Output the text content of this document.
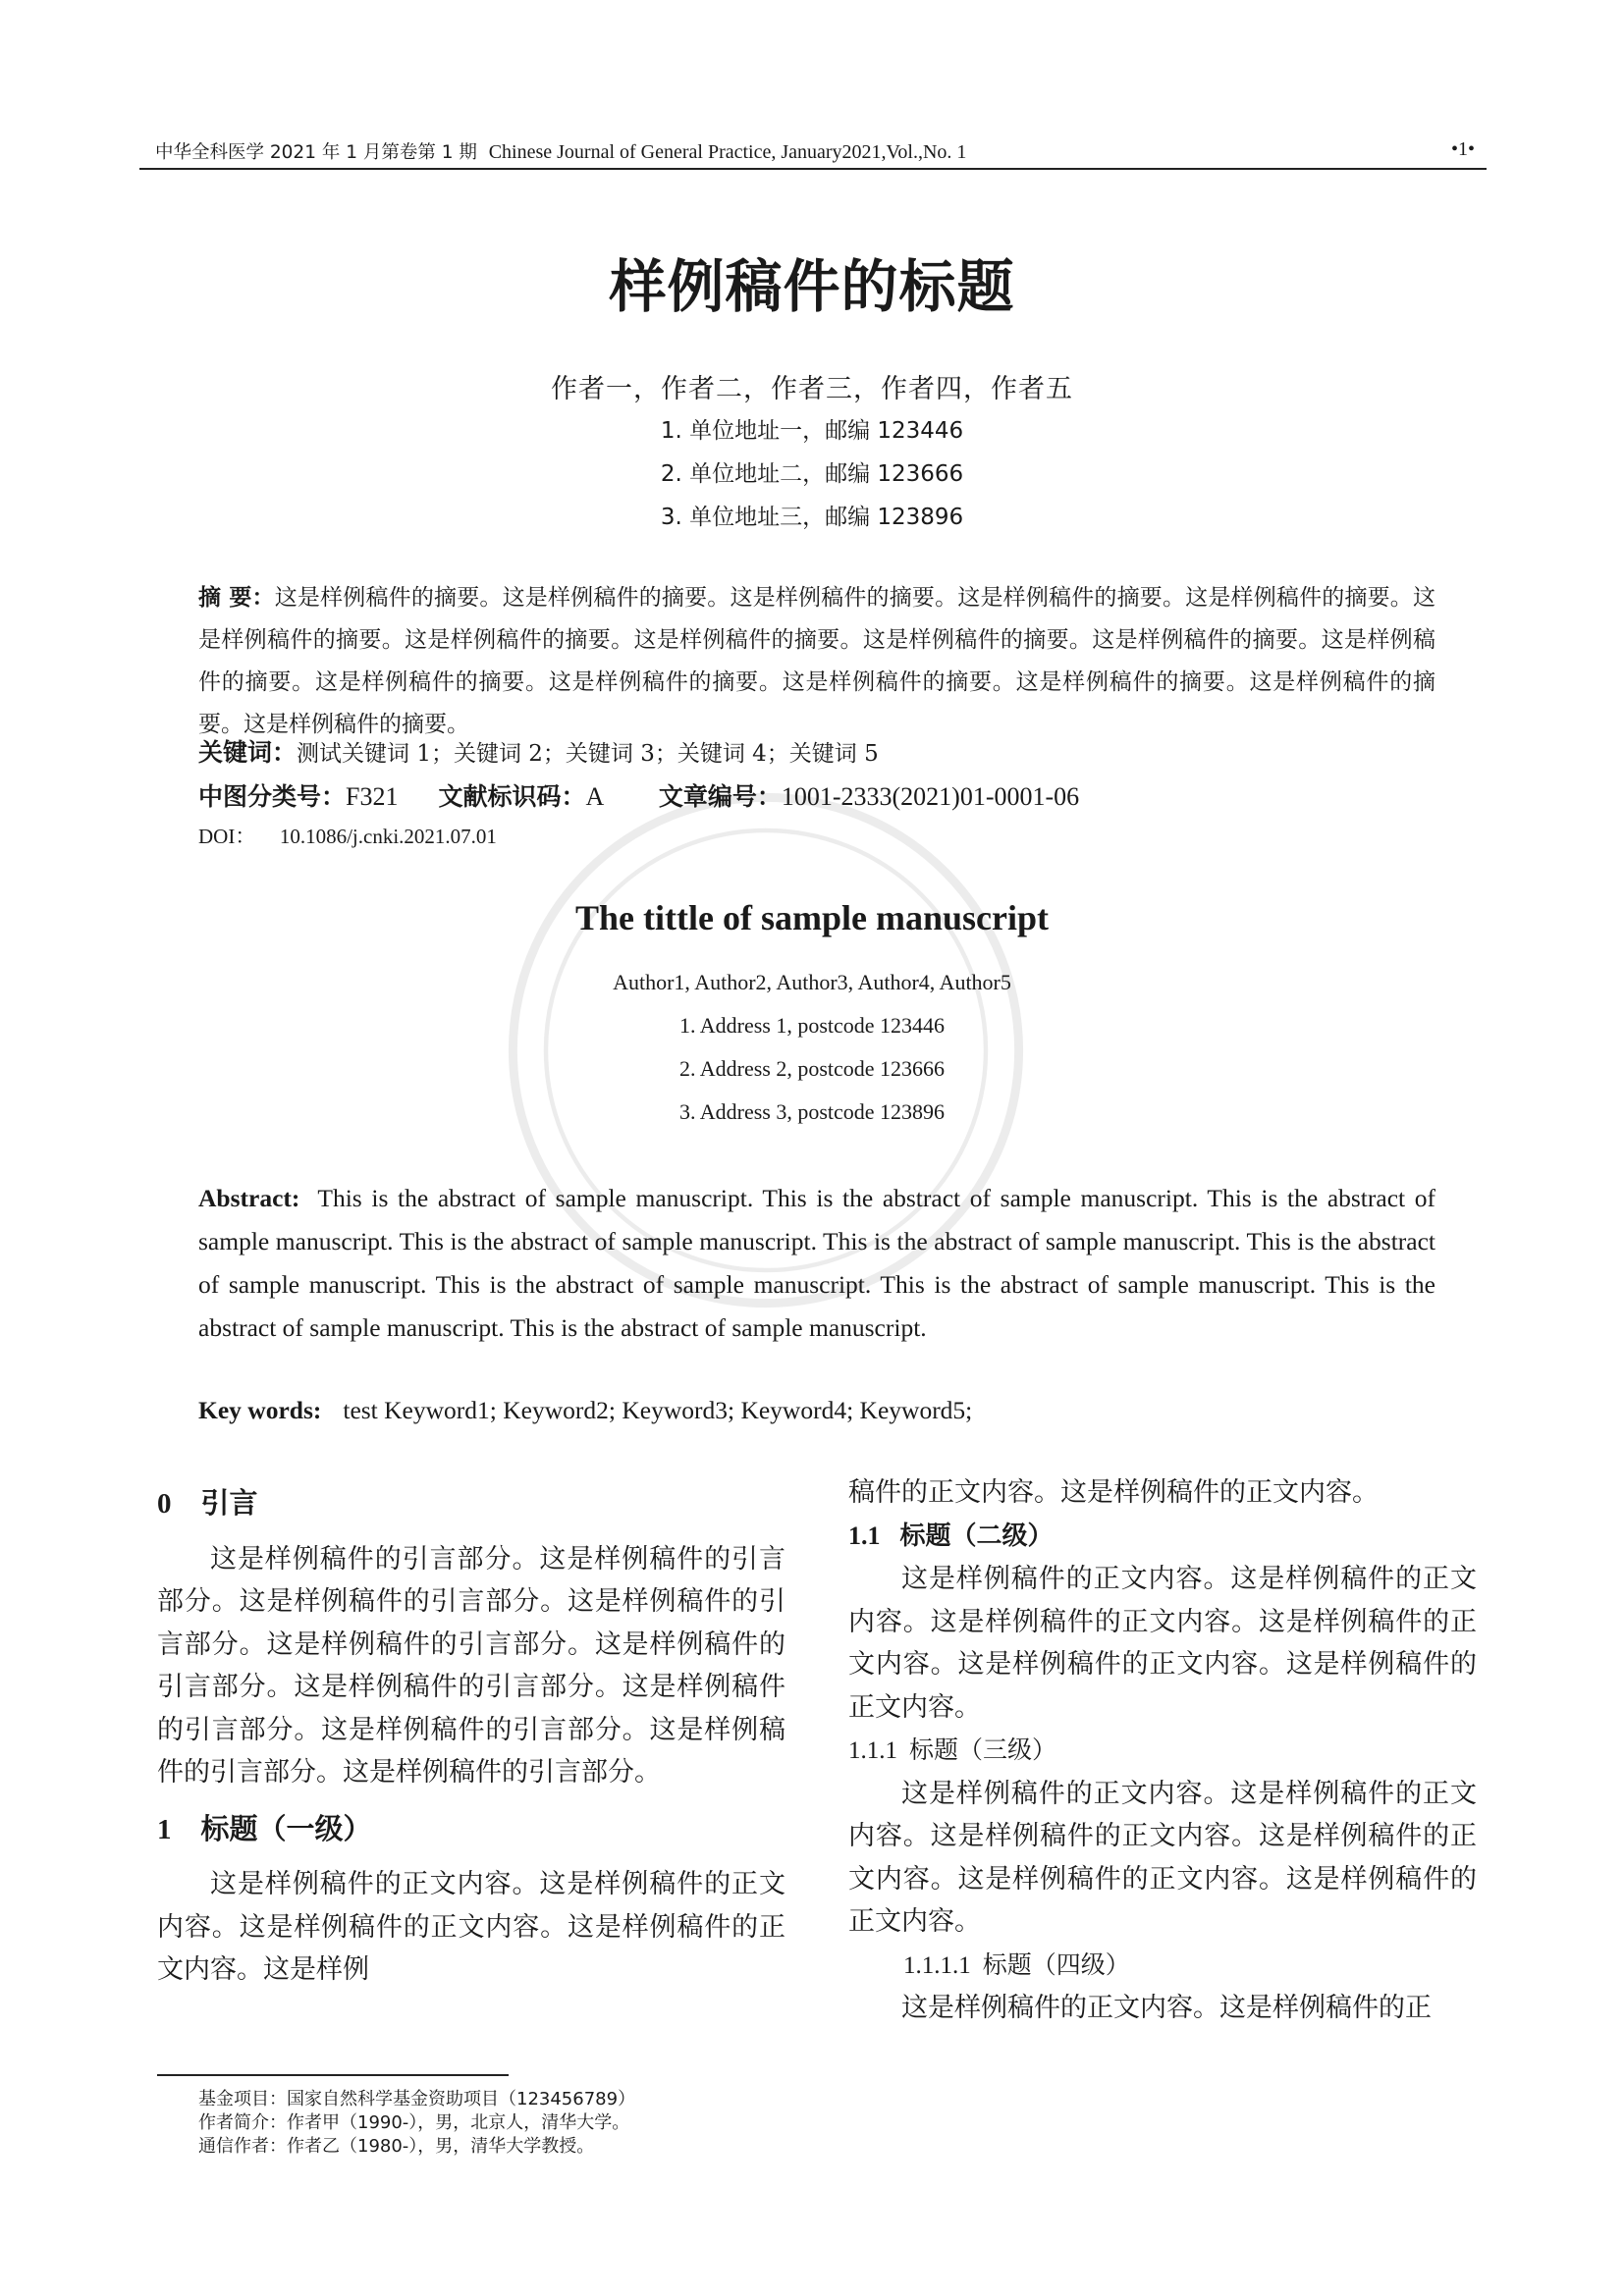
中华全科医学 2021 年 1 月第卷第 1 期 Chinese Journal of General Practice, January2021,Vol.,No. 1	•1•
样例稿件的标题
作者一，作者二，作者三，作者四，作者五
1. 单位地址一，邮编 123446
2. 单位地址二，邮编 123666
3. 单位地址三，邮编 123896
摘 要：这是样例稿件的摘要。这是样例稿件的摘要。这是样例稿件的摘要。这是样例稿件的摘要。这是样例稿件的摘要。这是样例稿件的摘要。这是样例稿件的摘要。这是样例稿件的摘要。这是样例稿件的摘要。这是样例稿件的摘要。这是样例稿件的摘要。这是样例稿件的摘要。这是样例稿件的摘要。这是样例稿件的摘要。这是样例稿件的摘要。这是样例稿件的摘要。这是样例稿件的摘要。
关键词：测试关键词 1；关键词 2；关键词 3；关键词 4；关键词 5
中图分类号：F321 文献标识码：A 文章编号：1001-2333(2021)01-0001-06
DOI： 10.1086/j.cnki.2021.07.01
The tittle of sample manuscript
Author1, Author2, Author3, Author4, Author5
1. Address 1, postcode 123446
2. Address 2, postcode 123666
3. Address 3, postcode 123896
Abstract: This is the abstract of sample manuscript. This is the abstract of sample manuscript. This is the abstract of sample manuscript. This is the abstract of sample manuscript. This is the abstract of sample manuscript. This is the abstract of sample manuscript. This is the abstract of sample manuscript. This is the abstract of sample manuscript. This is the abstract of sample manuscript. This is the abstract of sample manuscript.
Key words: test Keyword1; Keyword2; Keyword3; Keyword4; Keyword5;
0 引言

这是样例稿件的引言部分。这是样例稿件的引言部分。这是样例稿件的引言部分。这是样例稿件的引言部分。这是样例稿件的引言部分。这是样例稿件的引言部分。这是样例稿件的引言部分。这是样例稿件的引言部分。这是样例稿件的引言部分。这是样例稿件的引言部分。这是样例稿件的引言部分。

1 标题（一级）

这是样例稿件的正文内容。这是样例稿件的正文内容。这是样例稿件的正文内容。这是样例稿件的正文内容。这是样例

稿件的正文内容。这是样例稿件的正文内容。

1.1 标题（二级）

这是样例稿件的正文内容。这是样例稿件的正文内容。这是样例稿件的正文内容。这是样例稿件的正文内容。这是样例稿件的正文内容。这是样例稿件的正文内容。

1.1.1 标题（三级）

这是样例稿件的正文内容。这是样例稿件的正文内容。这是样例稿件的正文内容。这是样例稿件的正文内容。这是样例稿件的正文内容。这是样例稿件的正文内容。

1.1.1.1 标题（四级）

这是样例稿件的正文内容。这是样例稿件的正

基金项目：国家自然科学基金资助项目（123456789）
作者简介：作者甲（1990-），男，北京人，清华大学。
通信作者：作者乙（1980-），男，清华大学教授。
